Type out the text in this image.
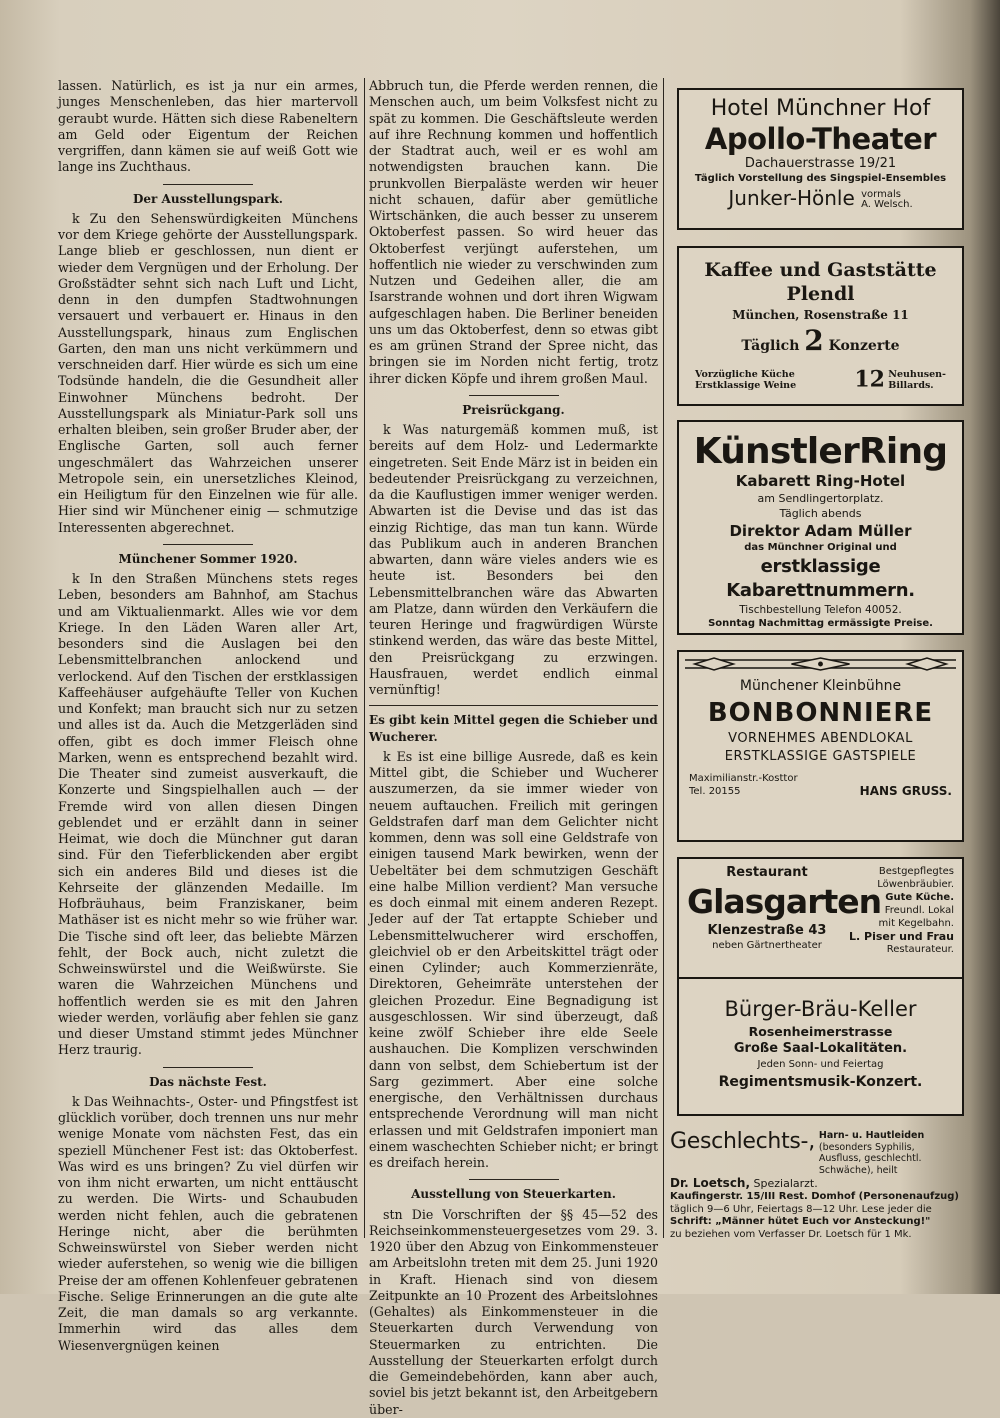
lassen. Natürlich, es ist ja nur ein armes, junges Menschenleben, das hier martervoll geraubt wurde. Hätten sich diese Rabeneltern am Geld oder Eigentum der Reichen vergriffen, dann kämen sie auf weiß Gott wie lange ins Zuchthaus.

Der Ausstellungspark.

k Zu den Sehenswürdigkeiten Münchens vor dem Kriege gehörte der Ausstellungspark. Lange blieb er geschlossen, nun dient er wieder dem Vergnügen und der Erholung. Der Großstädter sehnt sich nach Luft und Licht, denn in den dumpfen Stadtwohnungen versauert und verbauert er. Hinaus in den Ausstellungspark, hinaus zum Englischen Garten, den man uns nicht verkümmern und verschneiden darf. Hier würde es sich um eine Todsünde handeln, die die Gesundheit aller Einwohner Münchens bedroht. Der Ausstellungspark als Miniatur-Park soll uns erhalten bleiben, sein großer Bruder aber, der Englische Garten, soll auch ferner ungeschmälert das Wahrzeichen unserer Metropole sein, ein unersetzliches Kleinod, ein Heiligtum für den Einzelnen wie für alle. Hier sind wir Münchener einig — schmutzige Interessenten abgerechnet.

Münchener Sommer 1920.

k In den Straßen Münchens stets reges Leben, besonders am Bahnhof, am Stachus und am Viktualienmarkt. Alles wie vor dem Kriege. In den Läden Waren aller Art, besonders sind die Auslagen bei den Lebensmittelbranchen anlockend und verlockend. Auf den Tischen der erstklassigen Kaffeehäuser aufgehäufte Teller von Kuchen und Konfekt; man braucht sich nur zu setzen und alles ist da. Auch die Metzgerläden sind offen, gibt es doch immer Fleisch ohne Marken, wenn es entsprechend bezahlt wird. Die Theater sind zumeist ausverkauft, die Konzerte und Singspielhallen auch — der Fremde wird von allen diesen Dingen geblendet und er erzählt dann in seiner Heimat, wie doch die Münchner gut daran sind. Für den Tieferblickenden aber ergibt sich ein anderes Bild und dieses ist die Kehrseite der glänzenden Medaille. Im Hofbräuhaus, beim Franziskaner, beim Mathäser ist es nicht mehr so wie früher war. Die Tische sind oft leer, das beliebte Märzen fehlt, der Bock auch, nicht zuletzt die Schweinswürstel und die Weißwürste. Sie waren die Wahrzeichen Münchens und hoffentlich werden sie es mit den Jahren wieder werden, vorläufig aber fehlen sie ganz und dieser Umstand stimmt jedes Münchner Herz traurig.

Das nächste Fest.

k Das Weihnachts-, Oster- und Pfingstfest ist glücklich vorüber, doch trennen uns nur mehr wenige Monate vom nächsten Fest, das ein speziell Münchener Fest ist: das Oktoberfest. Was wird es uns bringen? Zu viel dürfen wir von ihm nicht erwarten, um nicht enttäuscht zu werden. Die Wirts- und Schaubuden werden nicht fehlen, auch die gebratenen Heringe nicht, aber die berühmten Schweinswürstel von Sieber werden nicht wieder auferstehen, so wenig wie die billigen Preise der am offenen Kohlenfeuer gebratenen Fische. Selige Erinnerungen an die gute alte Zeit, die man damals so arg verkannte. Immerhin wird das alles dem Wiesenvergnügen keinen

Abbruch tun, die Pferde werden rennen, die Menschen auch, um beim Volksfest nicht zu spät zu kommen. Die Geschäftsleute werden auf ihre Rechnung kommen und hoffentlich der Stadtrat auch, weil er es wohl am notwendigsten brauchen kann. Die prunkvollen Bierpaläste werden wir heuer nicht schauen, dafür aber gemütliche Wirtschänken, die auch besser zu unserem Oktoberfest passen. So wird heuer das Oktoberfest verjüngt auferstehen, um hoffentlich nie wieder zu verschwinden zum Nutzen und Gedeihen aller, die am Isarstrande wohnen und dort ihren Wigwam aufgeschlagen haben. Die Berliner beneiden uns um das Oktoberfest, denn so etwas gibt es am grünen Strand der Spree nicht, das bringen sie im Norden nicht fertig, trotz ihrer dicken Köpfe und ihrem großen Maul.

Preisrückgang.

k Was naturgemäß kommen muß, ist bereits auf dem Holz- und Ledermarkte eingetreten. Seit Ende März ist in beiden ein bedeutender Preisrückgang zu verzeichnen, da die Kauflustigen immer weniger werden. Abwarten ist die Devise und das ist das einzig Richtige, das man tun kann. Würde das Publikum auch in anderen Branchen abwarten, dann wäre vieles anders wie es heute ist. Besonders bei den Lebensmittelbranchen wäre das Abwarten am Platze, dann würden den Verkäufern die teuren Heringe und fragwürdigen Würste stinkend werden, das wäre das beste Mittel, den Preisrückgang zu erzwingen. Hausfrauen, werdet endlich einmal vernünftig!

Es gibt kein Mittel gegen die Schieber und Wucherer.

k Es ist eine billige Ausrede, daß es kein Mittel gibt, die Schieber und Wucherer auszumerzen, da sie immer wieder von neuem auftauchen. Freilich mit geringen Geldstrafen darf man dem Gelichter nicht kommen, denn was soll eine Geldstrafe von einigen tausend Mark bewirken, wenn der Uebeltäter bei dem schmutzigen Geschäft eine halbe Million verdient? Man versuche es doch einmal mit einem anderen Rezept. Jeder auf der Tat ertappte Schieber und Lebensmittelwucherer wird erschoffen, gleichviel ob er den Arbeitskittel trägt oder einen Cylinder; auch Kommerzienräte, Direktoren, Geheimräte unterstehen der gleichen Prozedur. Eine Begnadigung ist ausgeschlossen. Wir sind überzeugt, daß keine zwölf Schieber ihre elde Seele aushauchen. Die Komplizen verschwinden dann von selbst, dem Schiebertum ist der Sarg gezimmert. Aber eine solche energische, den Verhältnissen durchaus entsprechende Verordnung will man nicht erlassen und mit Geldstrafen imponiert man einem waschechten Schieber nicht; er bringt es dreifach herein.

Ausstellung von Steuerkarten.

stn Die Vorschriften der §§ 45—52 des Reichseinkommensteuergesetzes vom 29. 3. 1920 über den Abzug von Einkommensteuer am Arbeitslohn treten mit dem 25. Juni 1920 in Kraft. Hienach sind von diesem Zeitpunkte an 10 Prozent des Arbeitslohnes (Gehaltes) als Einkommensteuer in die Steuerkarten durch Verwendung von Steuermarken zu entrichten. Die Ausstellung der Steuerkarten erfolgt durch die Gemeindebehörden, kann aber auch, soviel bis jetzt bekannt ist, den Arbeitgebern über-

Hotel Münchner Hof
Apollo-Theater
Dachauerstrasse 19/21
Täglich Vorstellung des Singspiel-Ensembles
Junker-Hönle vormals
A. Welsch.
Kaffee und Gaststätte Plendl
München, Rosenstraße 11
Täglich 2 Konzerte
Vorzügliche Küche
Erstklassige Weine	12 Neuhusen-
Billards.
KünstlerRing
Kabarett Ring-Hotel
am Sendlingertorplatz.
Täglich abends
Direktor Adam Müller
das Münchner Original und
erstklassige Kabarettnummern.
Tischbestellung Telefon 40052.
Sonntag Nachmittag ermässigte Preise.
Münchener Kleinbühne
BONBONNIERE
VORNEHMES ABENDLOKAL
ERSTKLASSIGE GASTSPIELE
Maximilianstr.-Kosttor
Tel. 20155	HANS GRUSS.
Restaurant
Glasgarten
Klenzestraße 43
neben Gärtnertheater
Bestgepflegtes
Löwenbräubier.
Gute Küche.
Freundl. Lokal
mit Kegelbahn.
L. Piser und Frau
Restaurateur.
Bürger-Bräu-Keller
Rosenheimerstrasse
Große Saal-Lokalitäten.
Jeden Sonn- und Feiertag
Regimentsmusik-Konzert.
Geschlechts-, Harn- u. Hautleiden
(besonders Syphilis,
Ausfluss, geschlechtl.
Schwäche), heilt
Dr. Loetsch, Spezialarzt.
Kaufingerstr. 15/III Rest. Domhof (Personenaufzug)
täglich 9—6 Uhr, Feiertags 8—12 Uhr. Lese jeder die
Schrift: „Männer hütet Euch vor Ansteckung!"
zu beziehen vom Verfasser Dr. Loetsch für 1 Mk.
